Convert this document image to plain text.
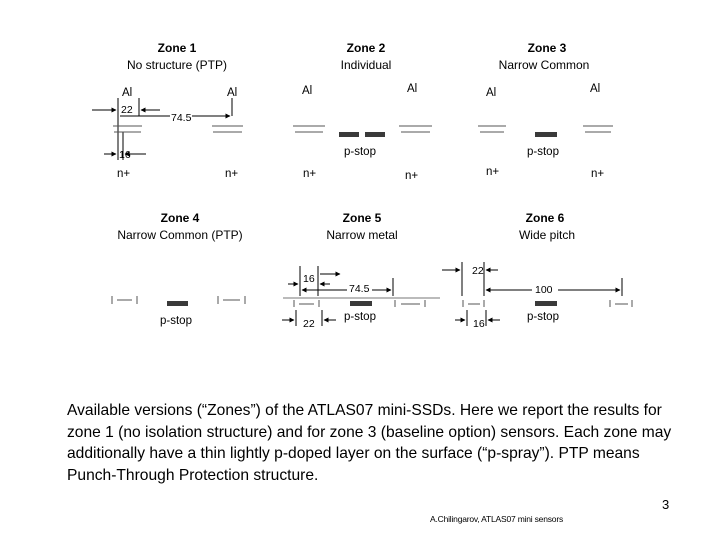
Zone 1
No structure (PTP)
Al	Al
22
74.5
16
n+	n+
Zone 2
Individual
Al	Al
p-stop
n+	n+
Zone 3
Narrow Common
Al	Al
p-stop
n+	n+
Zone 4
Narrow Common (PTP)
p-stop
Zone 5
Narrow metal
16
74.5
22
p-stop
Zone 6
Wide pitch
22
100
16
p-stop
Available versions (“Zones”) of the ATLAS07 mini-SSDs. Here we report the results for zone 1 (no isolation structure) and for zone 3 (baseline option) sensors. Each zone may additionally have a thin lightly p-doped layer on the surface (“p-spray”). PTP means Punch-Through Protection structure.
3
A.Chilingarov, ATLAS07 mini sensors
